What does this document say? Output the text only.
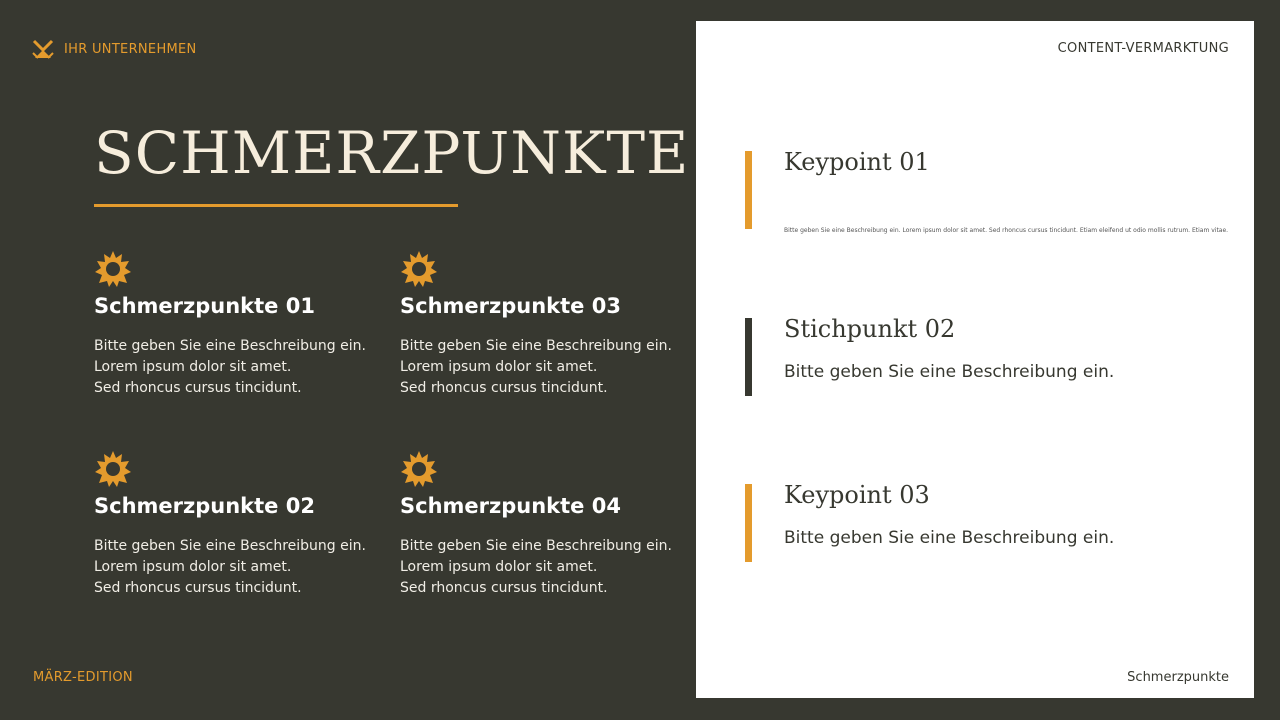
IHR UNTERNEHMEN
SCHMERZPUNKTE
Schmerzpunkte 01
Bitte geben Sie eine Beschreibung ein.
Lorem ipsum dolor sit amet.
Sed rhoncus cursus tincidunt.
Schmerzpunkte 03
Bitte geben Sie eine Beschreibung ein.
Lorem ipsum dolor sit amet.
Sed rhoncus cursus tincidunt.
Schmerzpunkte 02
Bitte geben Sie eine Beschreibung ein.
Lorem ipsum dolor sit amet.
Sed rhoncus cursus tincidunt.
Schmerzpunkte 04
Bitte geben Sie eine Beschreibung ein.
Lorem ipsum dolor sit amet.
Sed rhoncus cursus tincidunt.
MÄRZ-EDITION
CONTENT-VERMARKTUNG
Keypoint 01
Bitte geben Sie eine Beschreibung ein. Lorem ipsum dolor sit amet. Sed rhoncus cursus tincidunt. Etiam eleifend ut odio mollis rutrum. Etiam vitae.
Stichpunkt 02
Bitte geben Sie eine Beschreibung ein.
Keypoint 03
Bitte geben Sie eine Beschreibung ein.
Schmerzpunkte
